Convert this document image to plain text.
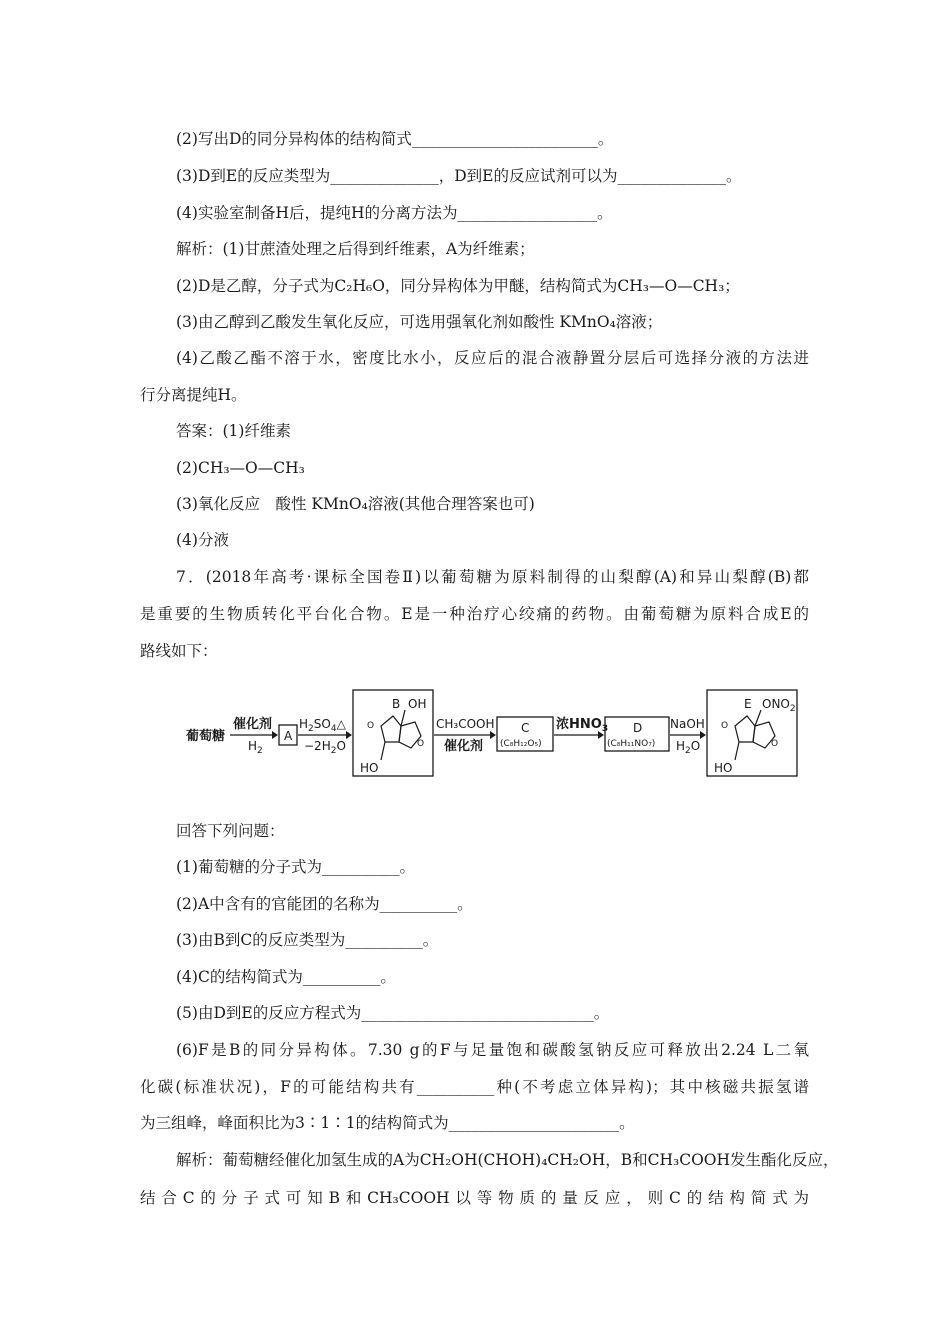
(2)写出D的同分异构体的结构简式________________________。
(3)D到E的反应类型为______________，D到E的反应试剂可以为______________。
(4)实验室制备H后，提纯H的分离方法为__________________。
解析：(1)甘蔗渣处理之后得到纤维素，A为纤维素；
(2)D是乙醇，分子式为C₂H₆O，同分异构体为甲醚，结构简式为CH₃—O—CH₃；
(3)由乙醇到乙酸发生氧化反应，可选用强氧化剂如酸性 KMnO₄溶液；
(4)乙酸乙酯不溶于水，密度比水小，反应后的混合液静置分层后可选择分液的方法进
行分离提纯H。
答案：(1)纤维素
(2)CH₃—O—CH₃
(3)氧化反应　酸性 KMnO₄溶液(其他合理答案也可)
(4)分液
7．(2018年高考·课标全国卷Ⅱ)以葡萄糖为原料制得的山梨醇(A)和异山梨醇(B)都
是重要的生物质转化平台化合物。E是一种治疗心绞痛的药物。由葡萄糖为原料合成E的
路线如下：
葡萄糖
催化剂
$H_2$
A
$H_2SO_4\triangle$
$-2H_2O$
B OH
HO
O
O
CH₃COOH
催化剂
C
(C₈H₁₂O₅)
浓$HNO_3$ D
(C₈H₁₁NO₇)
NaOH
$H_2O$
E $ONO_2$
HO
O
O
回答下列问题：
(1)葡萄糖的分子式为__________。
(2)A中含有的官能团的名称为__________。
(3)由B到C的反应类型为__________。
(4)C的结构简式为__________。
(5)由D到E的反应方程式为______________________________。
(6)F是B的同分异构体。7.30 g的F与足量饱和碳酸氢钠反应可释放出2.24 L二氧
化碳(标准状况)，F的可能结构共有__________种(不考虑立体异构)；其中核磁共振氢谱
为三组峰，峰面积比为3∶1∶1的结构简式为______________________。
解析：葡萄糖经催化加氢生成的A为CH₂OH(CHOH)₄CH₂OH，B和CH₃COOH发生酯化反应，
结合C的分子式可知B和CH₃COOH以等物质的量反应，则C的结构简式为
